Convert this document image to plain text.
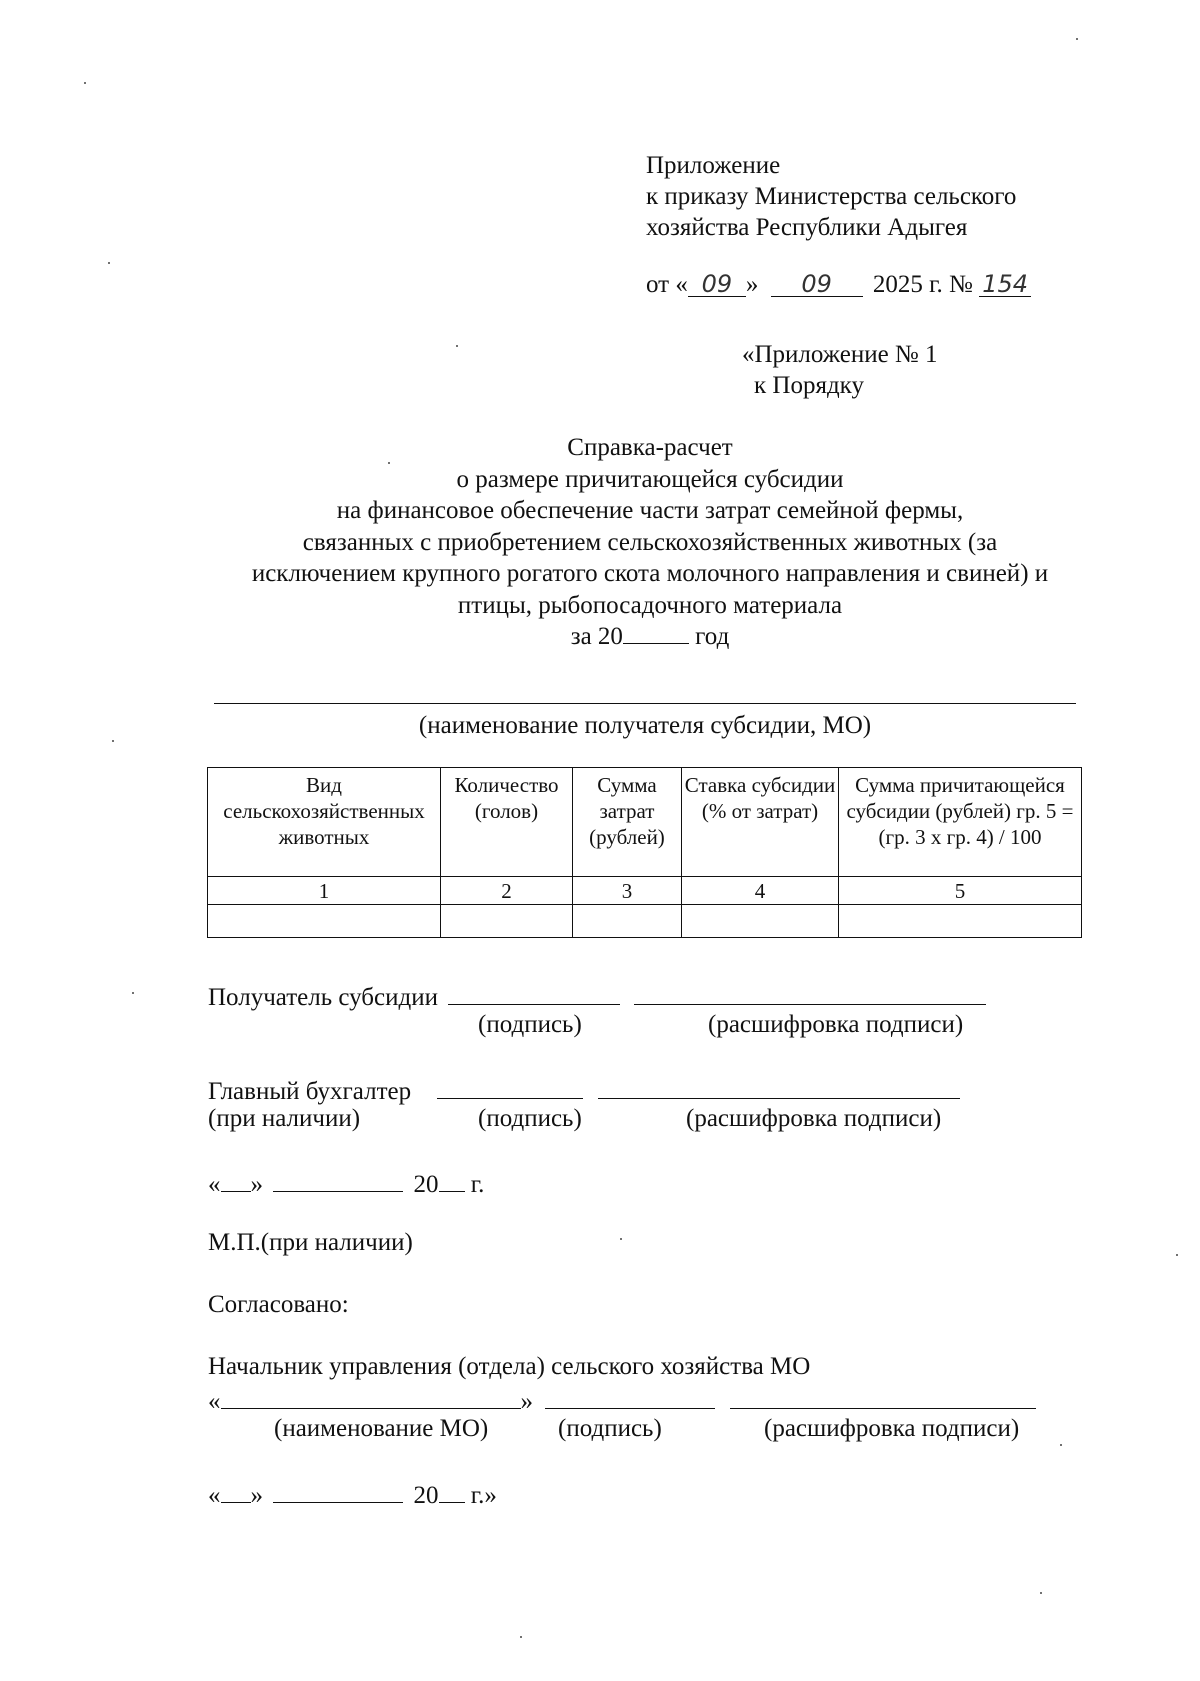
Приложение
к приказу Министерства сельского
хозяйства Республики Адыгея
от « 09 » 09 2025 г. № 154
«Приложение № 1
к Порядку
Справка-расчет
о размере причитающейся субсидии
на финансовое обеспечение части затрат семейной фермы,
связанных с приобретением сельскохозяйственных животных (за
исключением крупного рогатого скота молочного направления и свиней) и
птицы, рыбопосадочного материала
за 20	год
(наименование получателя субсидии, МО)
Вид сельскохозяйственных животных	Количество (голов)	Сумма затрат (рублей)	Ставка субсидии (% от затрат)	Сумма причитающейся субсидии (рублей) гр. 5 = (гр. 3 x гр. 4) / 100
1	2	3	4	5

Получатель субсидии
(подпись)	(расшифровка подписи)
Главный бухгалтер
(при наличии)	(подпись)	(расшифровка подписи)
« »	20 г.
М.П.(при наличии)
Согласовано:
Начальник управления (отдела) сельского хозяйства МО
«	»
(наименование МО)	(подпись)	(расшифровка подписи)
« »	20 г.»
